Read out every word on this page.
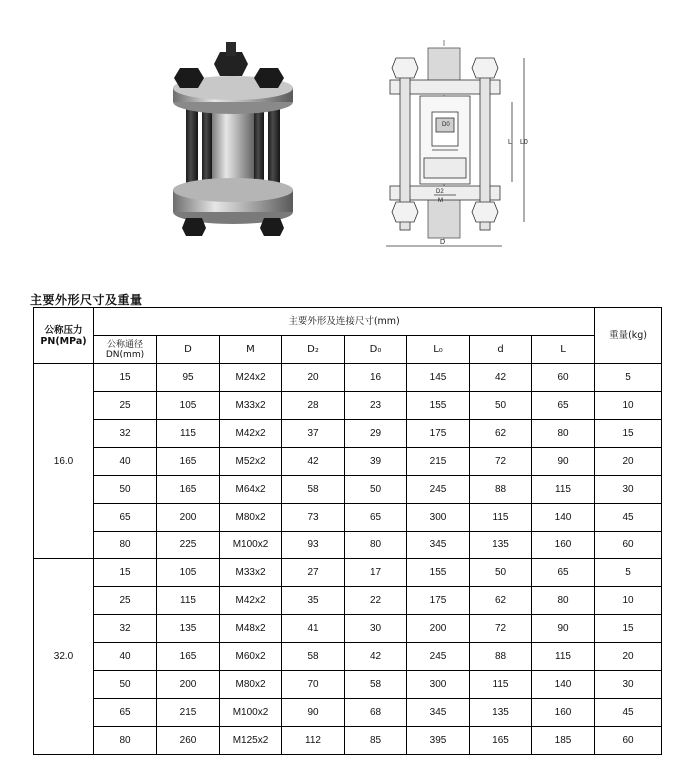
L L0
D2
M
D
D0
主要外形尺寸及重量
公称压力
PN(MPa)	主要外形及连接尺寸(mm)								重量(kg)
	公称通径
DN(mm)	D	M	D₂	D₀	L₀	d	L	
16.0	15	95	M24x2	20	16	145	42	60	5
	25	105	M33x2	28	23	155	50	65	10
	32	115	M42x2	37	29	175	62	80	15
	40	165	M52x2	42	39	215	72	90	20
	50	165	M64x2	58	50	245	88	115	30
	65	200	M80x2	73	65	300	115	140	45
	80	225	M100x2	93	80	345	135	160	60
32.0	15	105	M33x2	27	17	155	50	65	5
	25	115	M42x2	35	22	175	62	80	10
	32	135	M48x2	41	30	200	72	90	15
	40	165	M60x2	58	42	245	88	115	20
	50	200	M80x2	70	58	300	115	140	30
	65	215	M100x2	90	68	345	135	160	45
	80	260	M125x2	112	85	395	165	185	60
